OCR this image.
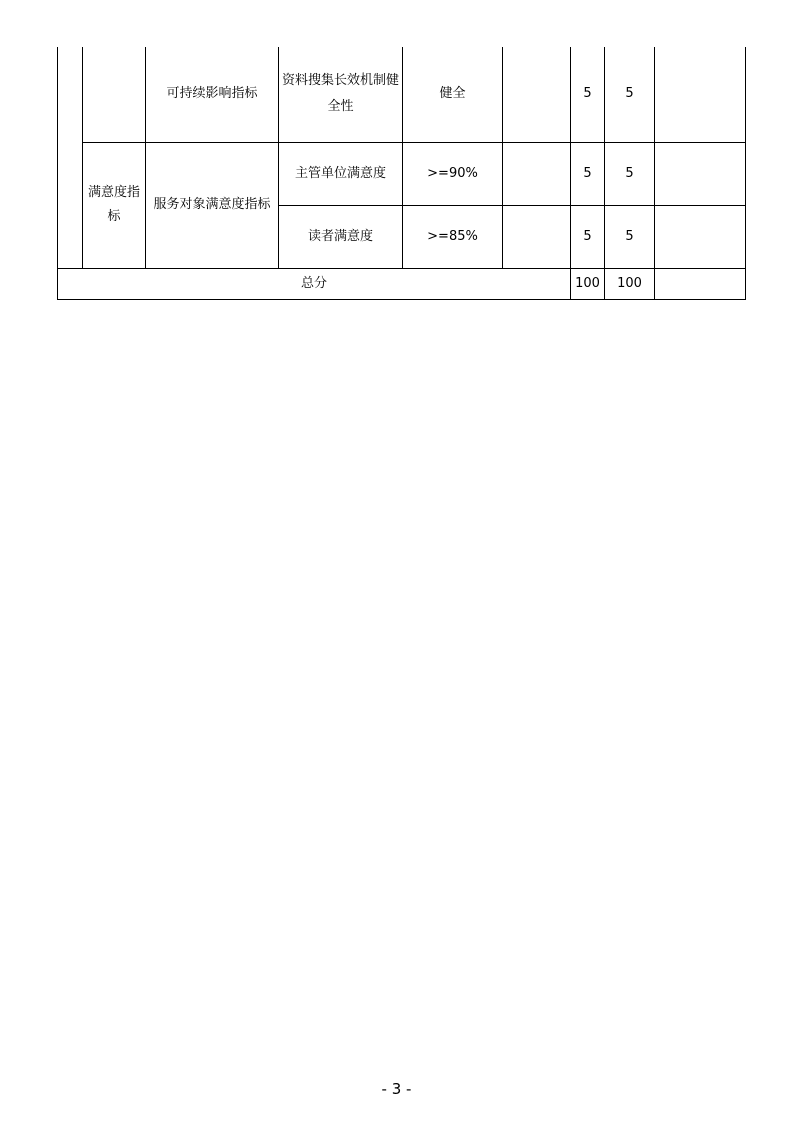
		可持续影响指标	资料搜集长效机制健全性	健全		5	5	
	满意度指标	服务对象满意度指标	主管单位满意度	>=90%		5	5	
			读者满意度	>=85%		5	5	
总分						100	100	
- 3 -
